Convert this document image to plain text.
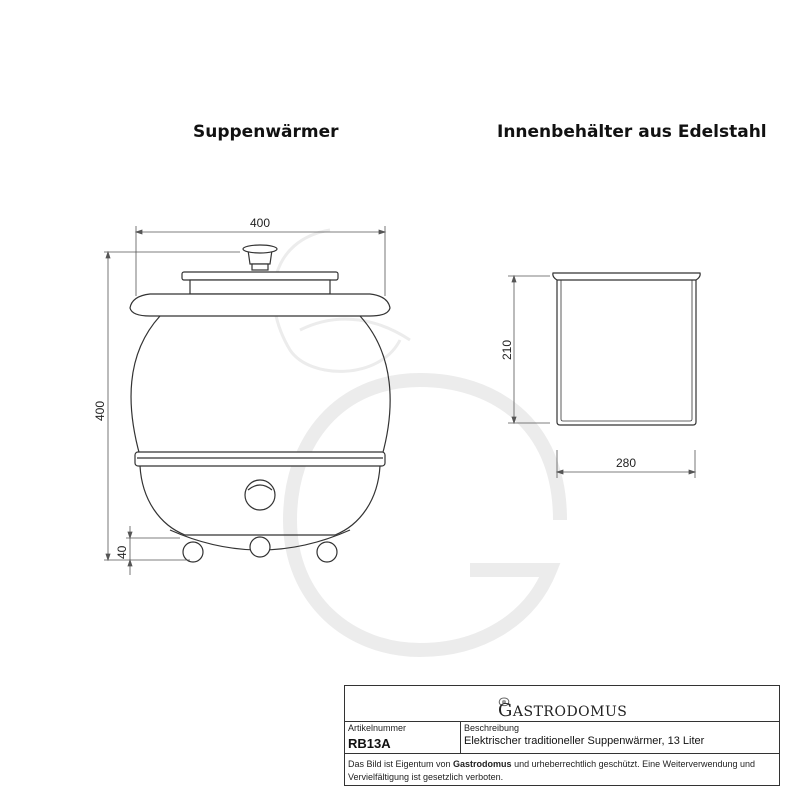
Suppenwärmer	Innenbehälter aus Edelstahl
400
400
40
210
280
GASTRODOMUS
Artikelnummer
RB13A
Beschreibung
Elektrischer traditioneller Suppenwärmer, 13 Liter
Das Bild ist Eigentum von Gastrodomus und urheberrechtlich geschützt. Eine Weiterverwendung und Vervielfältigung ist gesetzlich verboten.
